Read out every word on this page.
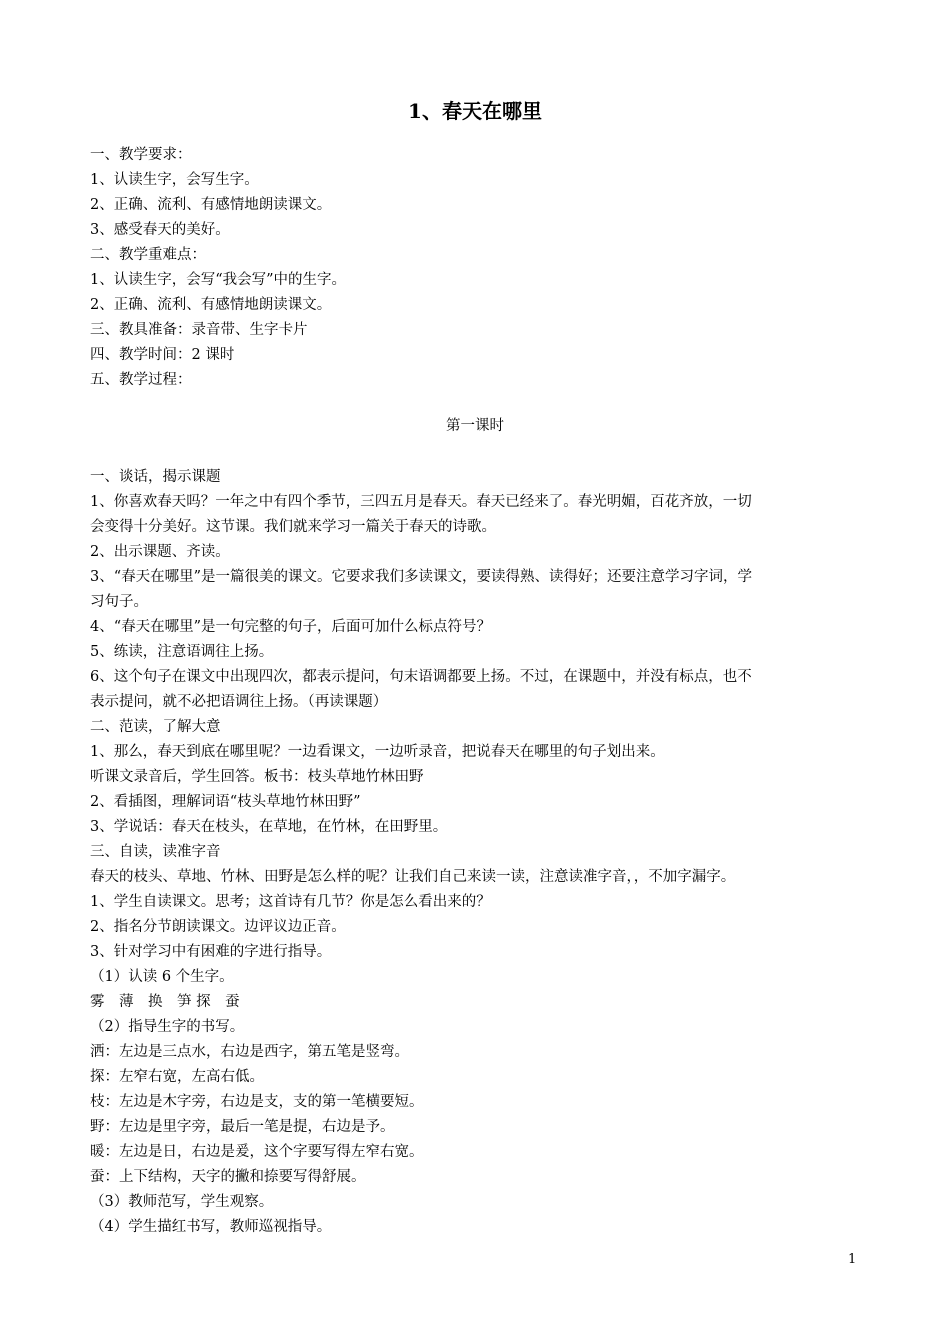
1、春天在哪里
一、教学要求：
1、认读生字，会写生字。
2、正确、流利、有感情地朗读课文。
3、感受春天的美好。
二、教学重难点：
1、认读生字，会写“我会写”中的生字。
2、正确、流利、有感情地朗读课文。
三、教具准备：录音带、生字卡片
四、教学时间：2 课时
五、教学过程：
第一课时
一、谈话，揭示课题
1、你喜欢春天吗？一年之中有四个季节，三四五月是春天。春天已经来了。春光明媚，百花齐放，一切
会变得十分美好。这节课。我们就来学习一篇关于春天的诗歌。
2、出示课题、齐读。
3、“春天在哪里”是一篇很美的课文。它要求我们多读课文，要读得熟、读得好；还要注意学习字词，学
习句子。
4、“春天在哪里”是一句完整的句子，后面可加什么标点符号？
5、练读，注意语调往上扬。
6、这个句子在课文中出现四次，都表示提问，句末语调都要上扬。不过，在课题中，并没有标点，也不
表示提问，就不必把语调往上扬。（再读课题）
二、范读，了解大意
1、那么，春天到底在哪里呢？一边看课文，一边听录音，把说春天在哪里的句子划出来。
听课文录音后，学生回答。板书：枝头草地竹林田野
2、看插图，理解词语“枝头草地竹林田野”
3、学说话：春天在枝头，在草地，在竹林，在田野里。
三、自读，读准字音
春天的枝头、草地、竹林、田野是怎么样的呢？让我们自己来读一读，注意读准字音，，不加字漏字。
1、学生自读课文。思考；这首诗有几节？你是怎么看出来的？
2、指名分节朗读课文。边评议边正音。
3、针对学习中有困难的字进行指导。
（1）认读 6 个生字。
雾　薄　换　笋 探　蚕
（2）指导生字的书写。
洒：左边是三点水，右边是西字，第五笔是竖弯。
探：左窄右宽，左高右低。
枝：左边是木字旁，右边是支，支的第一笔横要短。
野：左边是里字旁，最后一笔是提，右边是予。
暖：左边是日，右边是爰，这个字要写得左窄右宽。
蚕：上下结构，天字的撇和捺要写得舒展。
（3）教师范写，学生观察。
（4）学生描红书写，教师巡视指导。
1
